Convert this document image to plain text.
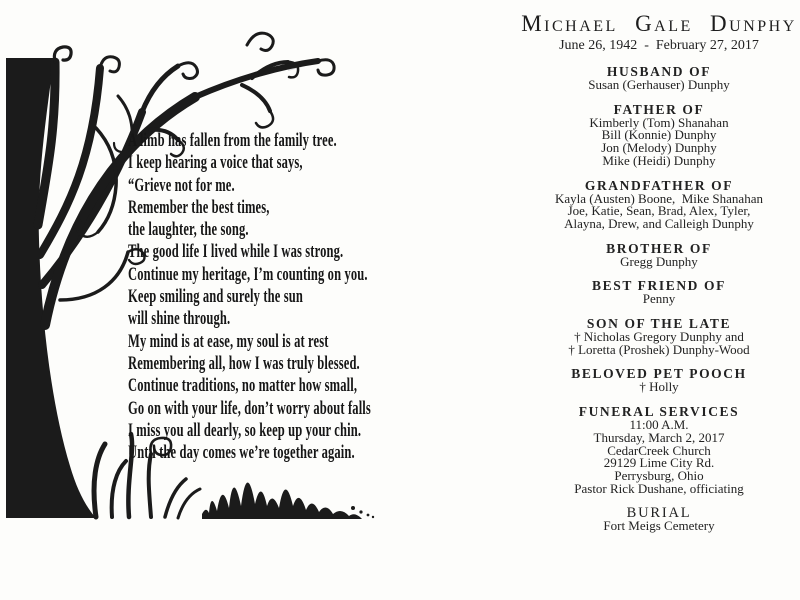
A limb has fallen from the family tree.
I keep hearing a voice that says,
“Grieve not for me.
Remember the best times,
the laughter, the song.
The good life I lived while I was strong.
Continue my heritage, I’m counting on you.
Keep smiling and surely the sun
will shine through.
My mind is at ease, my soul is at rest
Remembering all, how I was truly blessed.
Continue traditions, no matter how small,
Go on with your life, don’t worry about falls
I miss you all dearly, so keep up your chin.
Until the day comes we’re together again.
Michael Gale Dunphy
June 26, 1942  -  February 27, 2017
HUSBAND OF
Susan (Gerhauser) Dunphy
FATHER OF
Kimberly (Tom) Shanahan
Bill (Konnie) Dunphy
Jon (Melody) Dunphy
Mike (Heidi) Dunphy
GRANDFATHER OF
Kayla (Austen) Boone,  Mike Shanahan
Joe, Katie, Sean, Brad, Alex, Tyler,
Alayna, Drew, and Calleigh Dunphy
BROTHER OF
Gregg Dunphy
BEST FRIEND OF
Penny
SON OF THE LATE
† Nicholas Gregory Dunphy and
† Loretta (Proshek) Dunphy-Wood
BELOVED PET POOCH
† Holly
FUNERAL SERVICES
11:00 A.M.
Thursday, March 2, 2017
CedarCreek Church
29129 Lime City Rd.
Perrysburg, Ohio
Pastor Rick Dushane, officiating
BURIAL
Fort Meigs Cemetery
